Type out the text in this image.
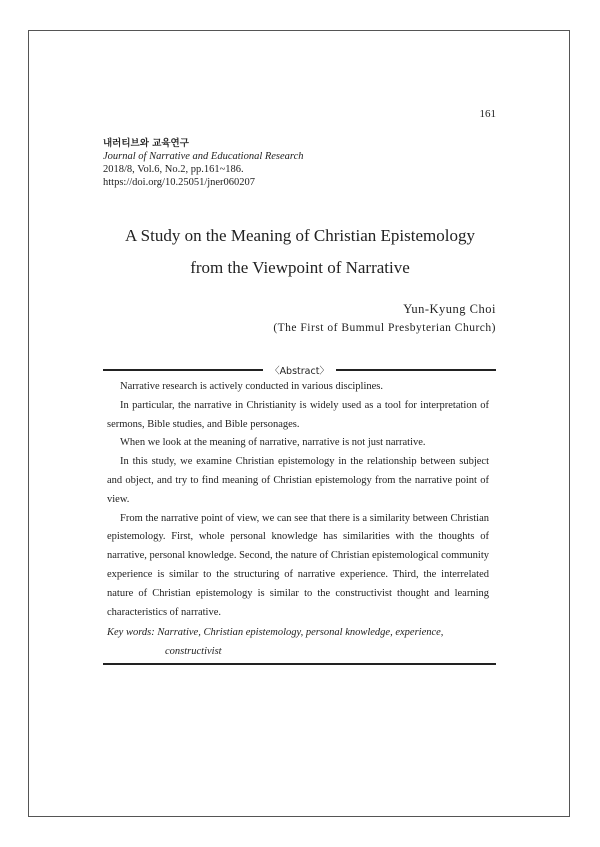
161
내러티브와 교육연구
Journal of Narrative and Educational Research
2018/8, Vol.6, No.2, pp.161~186.
https://doi.org/10.25051/jner060207
A Study on the Meaning of Christian Epistemology
from the Viewpoint of Narrative
Yun-Kyung Choi
(The First of Bummul Presbyterian Church)
〈Abstract〉

Narrative research is actively conducted in various disciplines.

In particular, the narrative in Christianity is widely used as a tool for interpretation of sermons, Bible studies, and Bible personages.

When we look at the meaning of narrative, narrative is not just narrative.

In this study, we examine Christian epistemology in the relationship between subject and object, and try to find meaning of Christian epistemology from the narrative point of view.

From the narrative point of view, we can see that there is a similarity between Christian epistemology. First, whole personal knowledge has similarities with the thoughts of narrative, personal knowledge. Second, the nature of Christian epistemological community experience is similar to the structuring of narrative experience. Third, the interrelated nature of Christian epistemology is similar to the constructivist thought and learning characteristics of narrative.

Key words: Narrative, Christian epistemology, personal knowledge, experience,
constructivist
